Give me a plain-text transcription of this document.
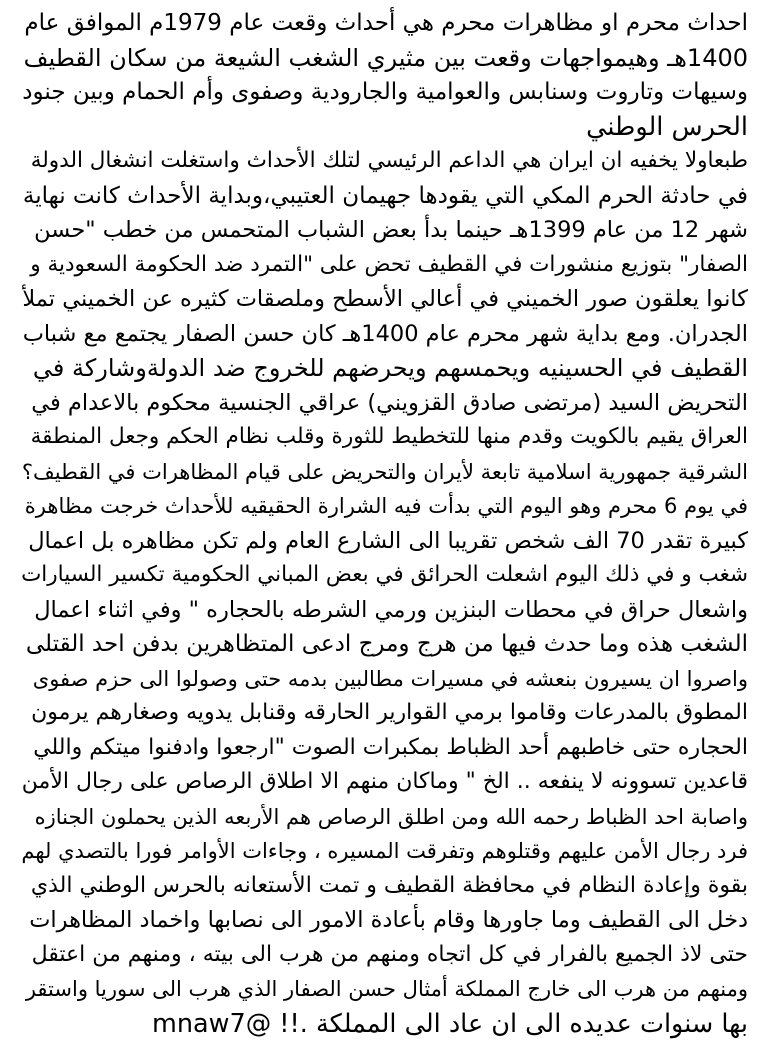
احداث محرم او مظاهرات محرم هي أحداث وقعت عام 1979م الموافق عام
1400هـ وهيمواجهات وقعت بين مثيري الشغب الشيعة من سكان القطيف
وسيهات وتاروت وسنابس والعوامية والجارودية وصفوى وأم الحمام وبين جنود
الحرس الوطني
طبعاولا يخفيه ان ايران هي الداعم الرئيسي لتلك الأحداث واستغلت انشغال الدولة
في حادثة الحرم المكي التي يقودها جهيمان العتيبي،وبداية الأحداث كانت نهاية
شهر 12 من عام 1399هـ حينما بدأ بعض الشباب المتحمس من خطب "حسن
الصفار" بتوزيع منشورات في القطيف تحض على "التمرد ضد الحكومة السعودية و
كانوا يعلقون صور الخميني في أعالي الأسطح وملصقات كثيره عن الخميني تملأ
الجدران. ومع بداية شهر محرم عام 1400هـ كان حسن الصفار يجتمع مع شباب
القطيف في الحسينيه ويحمسهم ويحرضهم للخروج ضد الدولةوشاركة في
التحريض السيد (مرتضى صادق القزويني) عراقي الجنسية محكوم بالاعدام في
العراق يقيم بالكويت وقدم منها للتخطيط للثورة وقلب نظام الحكم وجعل المنطقة
الشرقية جمهورية اسلامية تابعة لأيران والتحريض على قيام المظاهرات في القطيف؟
في يوم 6 محرم وهو اليوم التي بدأت فيه الشرارة الحقيقيه للأحداث خرجت مظاهرة
كبيرة تقدر 70 الف شخص تقريبا الى الشارع العام ولم تكن مظاهره بل اعمال
شغب و في ذلك اليوم اشعلت الحرائق في بعض المباني الحكومية تكسير السيارات
واشعال حراق في محطات البنزين ورمي الشرطه بالحجاره " وفي اثناء اعمال
الشغب هذه وما حدث فيها من هرج ومرج ادعى المتظاهرين بدفن احد القتلى
واصروا ان يسيرون بنعشه في مسيرات مطالبين بدمه حتى وصولوا الى حزم صفوى
المطوق بالمدرعات وقاموا برمي القوارير الحارقه وقنابل يدويه وصغارهم يرمون
الحجاره حتى خاطبهم أحد الظباط بمكبرات الصوت "ارجعوا وادفنوا ميتكم واللي
قاعدين تسوونه لا ينفعه .. الخ " وماكان منهم الا اطلاق الرصاص على رجال الأمن
واصابة احد الظباط رحمه الله ومن اطلق الرصاص هم الأربعه الذين يحملون الجنازه
فرد رجال الأمن عليهم وقتلوهم وتفرقت المسيره ، وجاءات الأوامر فورا بالتصدي لهم
بقوة وإعادة النظام في محافظة القطيف و تمت الأستعانه بالحرس الوطني الذي
دخل الى القطيف وما جاورها وقام بأعادة الامور الى نصابها واخماد المظاهرات
حتى لاذ الجميع بالفرار في كل اتجاه ومنهم من هرب الى بيته ، ومنهم من اعتقل
ومنهم من هرب الى خارج المملكة أمثال حسن الصفار الذي هرب الى سوريا واستقر
بها سنوات عديده الى ان عاد الى المملكة .!! @mnaw7
